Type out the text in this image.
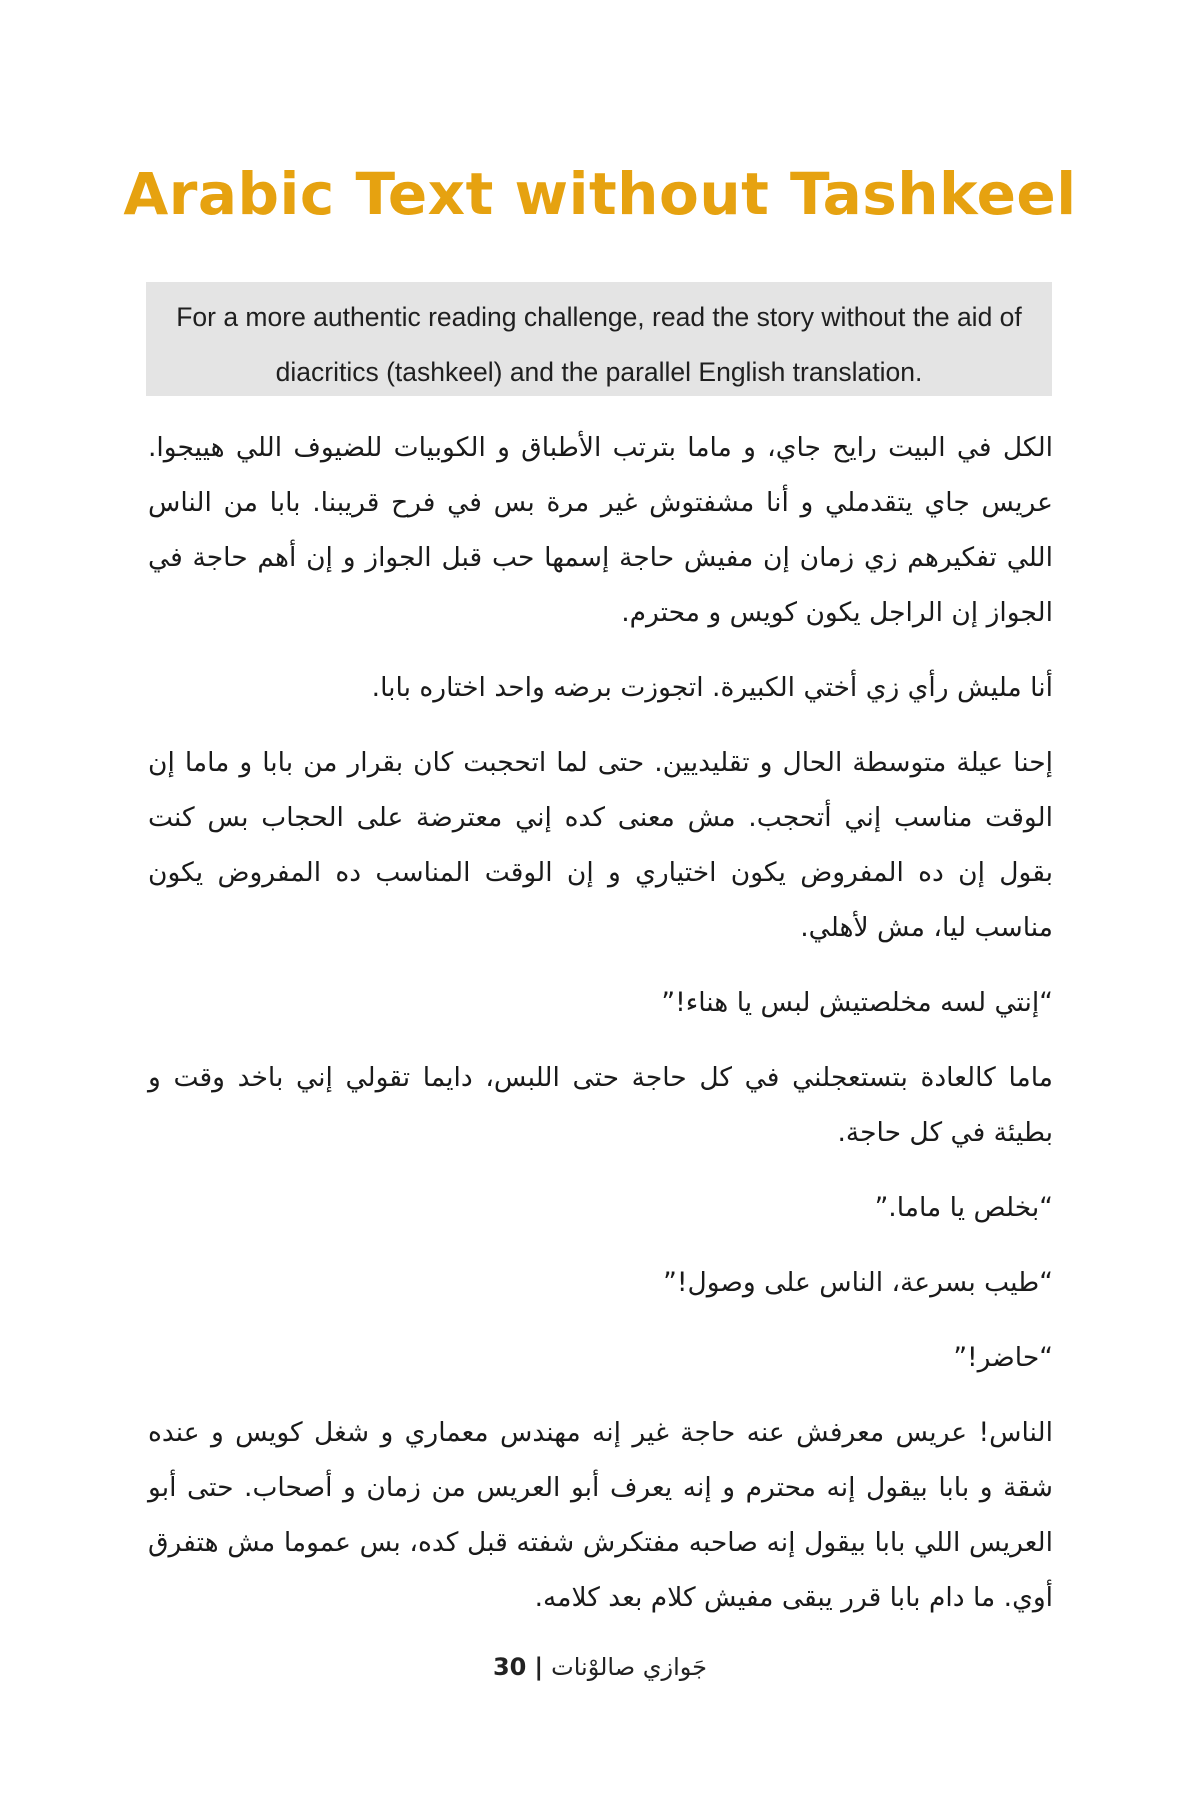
Arabic Text without Tashkeel
For a more authentic reading challenge, read the story without the aid of diacritics (tashkeel) and the parallel English translation.

الكل في البيت رايح جاي، و ماما بترتب الأطباق و الكوبيات للضيوف اللي هييجوا. عريس جاي يتقدملي و أنا مشفتوش غير مرة بس في فرح قريبنا. بابا من الناس اللي تفكيرهم زي زمان إن مفيش حاجة إسمها حب قبل الجواز و إن أهم حاجة في الجواز إن الراجل يكون كويس و محترم.

أنا مليش رأي زي أختي الكبيرة. اتجوزت برضه واحد اختاره بابا.

إحنا عيلة متوسطة الحال و تقليديين. حتى لما اتحجبت كان بقرار من بابا و ماما إن الوقت مناسب إني أتحجب. مش معنى كده إني معترضة على الحجاب بس كنت بقول إن ده المفروض يكون اختياري و إن الوقت المناسب ده المفروض يكون مناسب ليا، مش لأهلي.

“إنتي لسه مخلصتيش لبس يا هناء!”

ماما كالعادة بتستعجلني في كل حاجة حتى اللبس، دايما تقولي إني باخد وقت و بطيئة في كل حاجة.

“بخلص يا ماما.”

“طيب بسرعة، الناس على وصول!”

“حاضر!”

الناس! عريس معرفش عنه حاجة غير إنه مهندس معماري و شغل كويس و عنده شقة و بابا بيقول إنه محترم و إنه يعرف أبو العريس من زمان و أصحاب. حتى أبو العريس اللي بابا بيقول إنه صاحبه مفتكرش شفته قبل كده، بس عموما مش هتفرق أوي. ما دام بابا قرر يبقى مفيش كلام بعد كلامه.

30 | جَوازي صالوْنات
